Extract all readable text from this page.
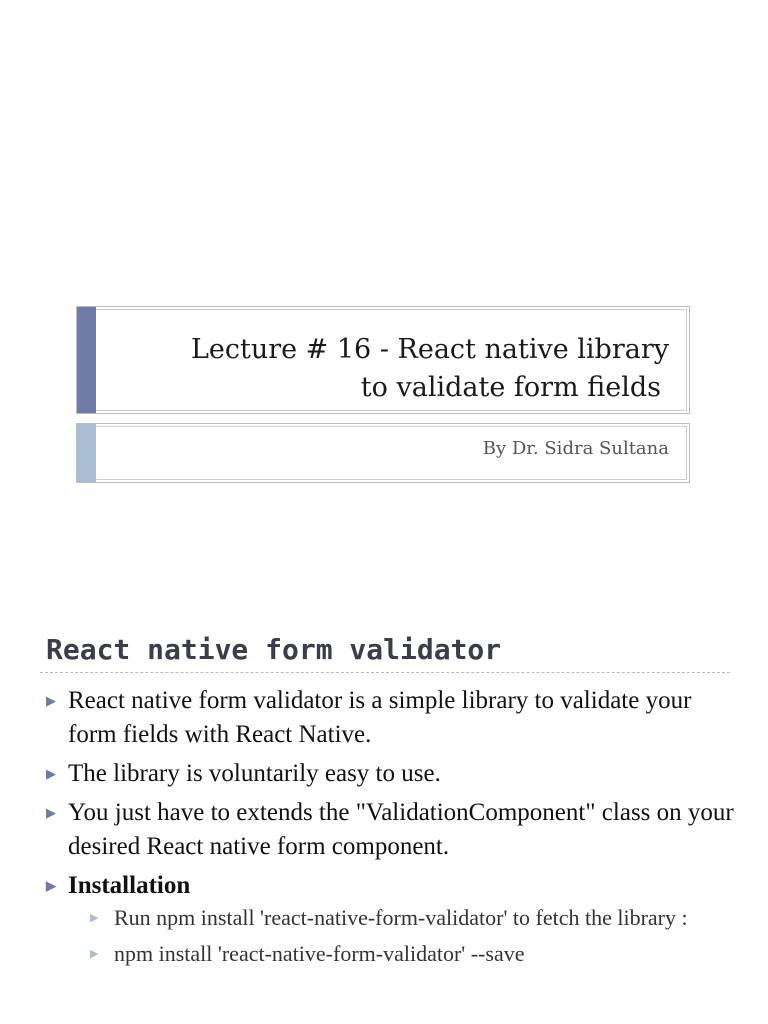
Lecture # 16 - React native library
to validate form fields
By Dr. Sidra Sultana
React native form validator
▶ React native form validator is a simple library to validate your form fields with React Native.
▶ The library is voluntarily easy to use.
▶ You just have to extends the "ValidationComponent" class on your desired React native form component.
▶ Installation
▶ Run npm install 'react-native-form-validator' to fetch the library :
▶ npm install 'react-native-form-validator' --save
